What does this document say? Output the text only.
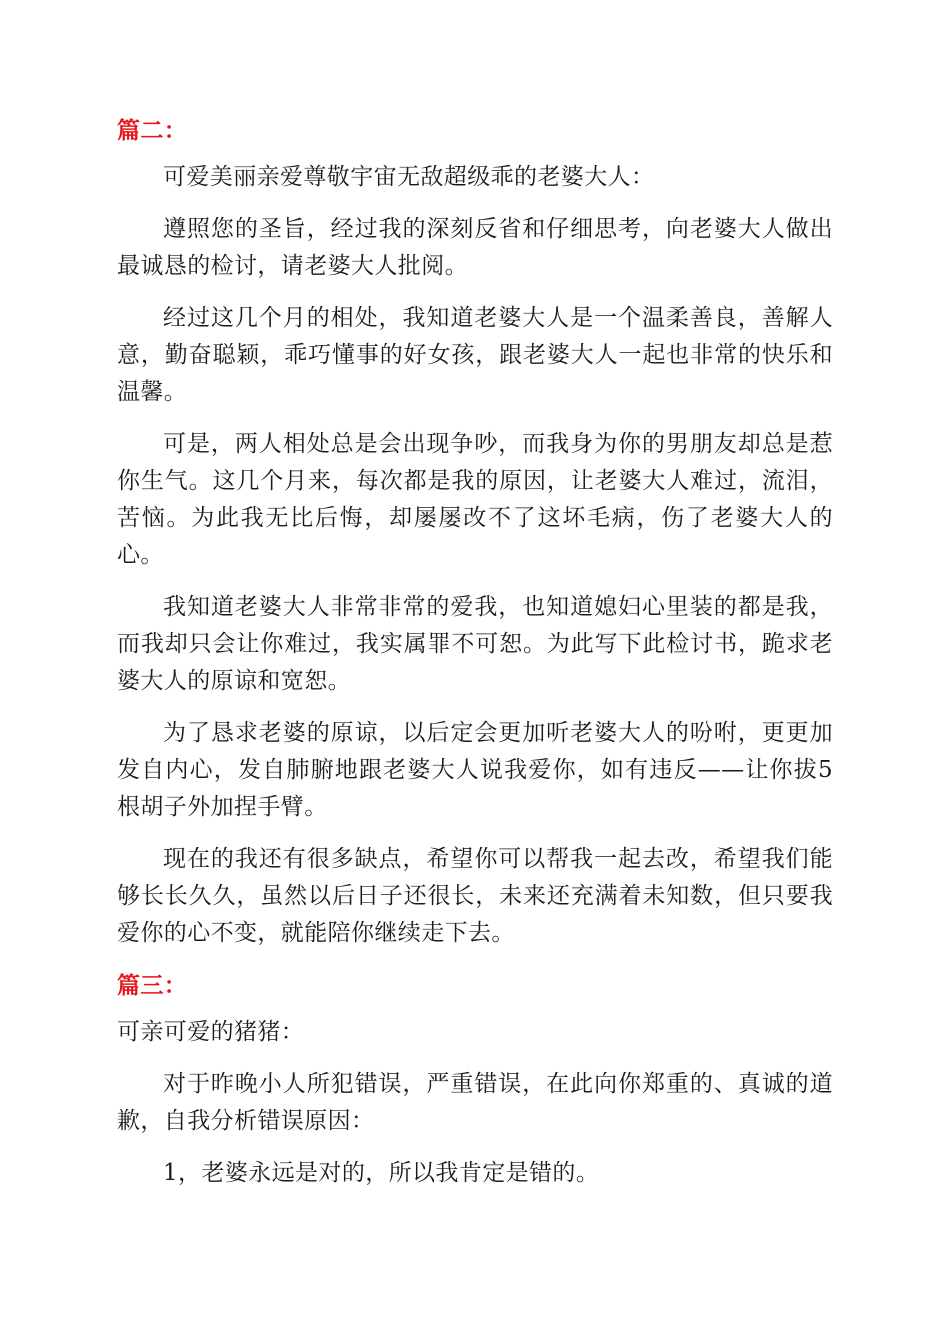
篇二：

可爱美丽亲爱尊敬宇宙无敌超级乖的老婆大人：

遵照您的圣旨，经过我的深刻反省和仔细思考，向老婆大人做出最诚恳的检讨，请老婆大人批阅。

经过这几个月的相处，我知道老婆大人是一个温柔善良，善解人意，勤奋聪颖，乖巧懂事的好女孩，跟老婆大人一起也非常的快乐和温馨。

可是，两人相处总是会出现争吵，而我身为你的男朋友却总是惹你生气。这几个月来，每次都是我的原因，让老婆大人难过，流泪，苦恼。为此我无比后悔，却屡屡改不了这坏毛病，伤了老婆大人的心。

我知道老婆大人非常非常的爱我，也知道媳妇心里装的都是我，而我却只会让你难过，我实属罪不可恕。为此写下此检讨书，跪求老婆大人的原谅和宽恕。

为了恳求老婆的原谅，以后定会更加听老婆大人的吩咐，更更加发自内心，发自肺腑地跟老婆大人说我爱你，如有违反——让你拔5根胡子外加捏手臂。

现在的我还有很多缺点，希望你可以帮我一起去改，希望我们能够长长久久，虽然以后日子还很长，未来还充满着未知数，但只要我爱你的心不变，就能陪你继续走下去。

篇三：

可亲可爱的猪猪：

对于昨晚小人所犯错误，严重错误，在此向你郑重的、真诚的道歉，自我分析错误原因：

1，老婆永远是对的，所以我肯定是错的。
